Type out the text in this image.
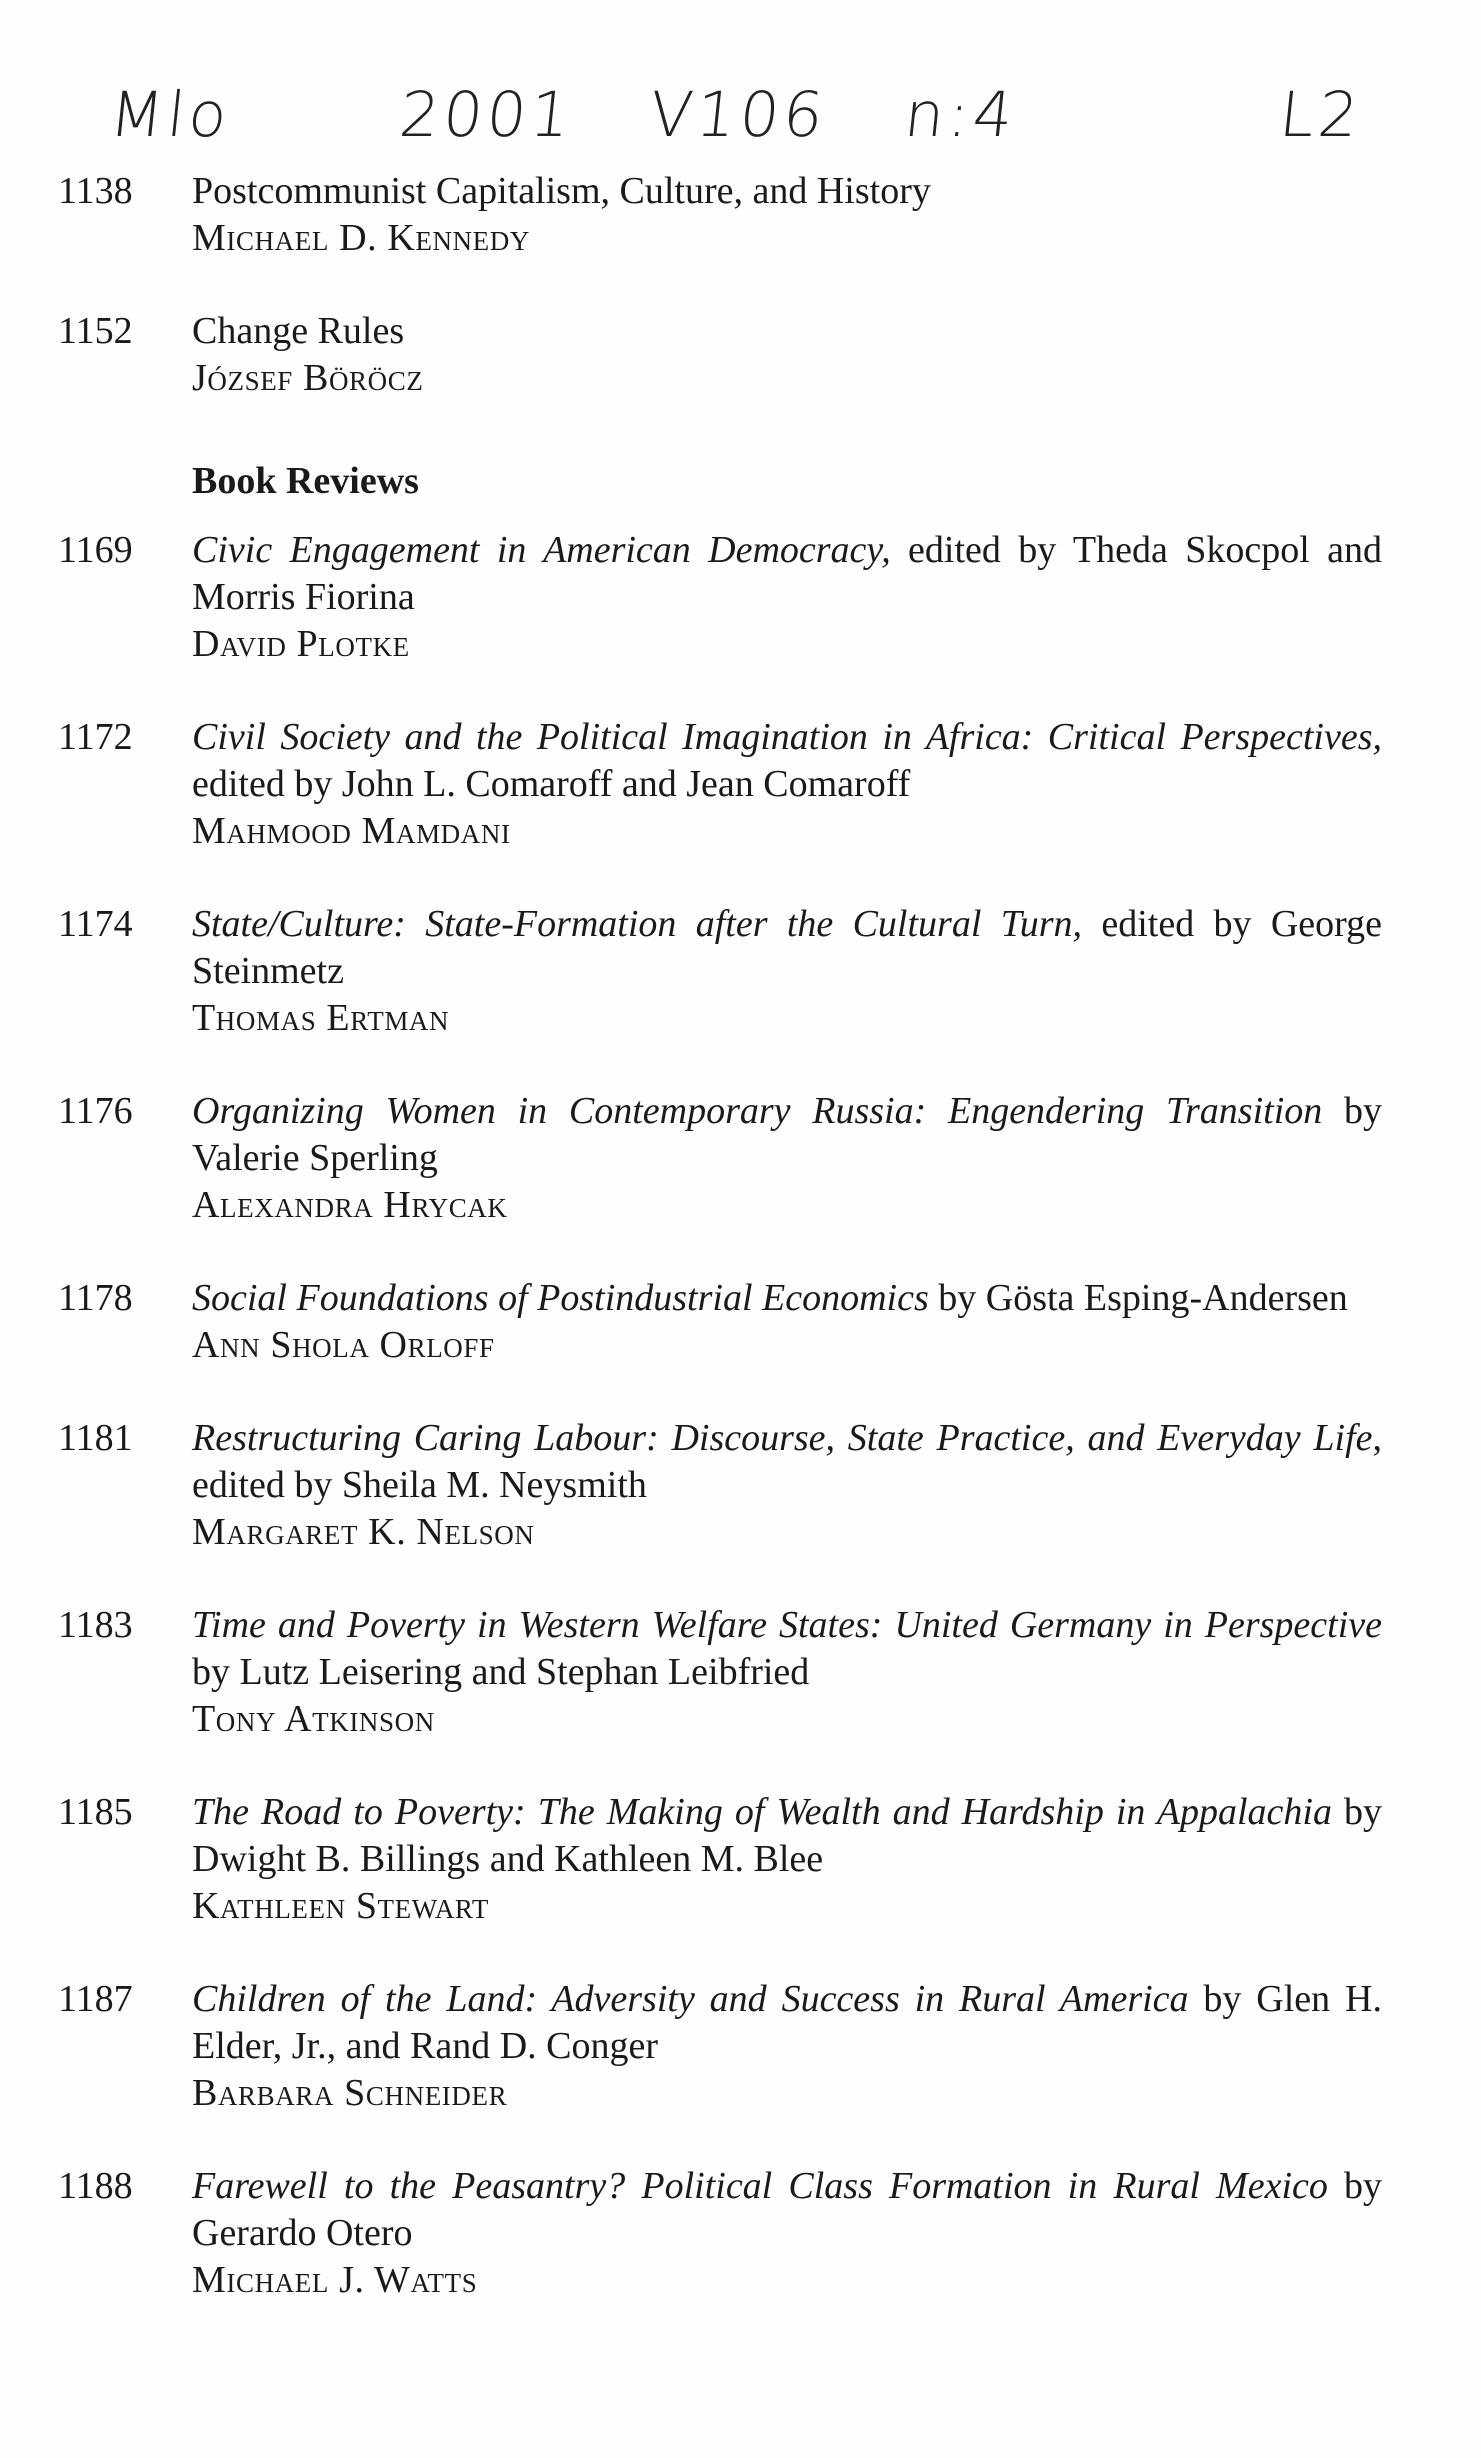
Mlo	2001 V106 n:4	L2
1138	Postcommunist Capitalism, Culture, and History
Michael D. Kennedy
1152	Change Rules
József Böröcz
Book Reviews
1169	Civic Engagement in American Democracy, edited by Theda Skocpol and Morris Fiorina
David Plotke
1172	Civil Society and the Political Imagination in Africa: Critical Perspectives, edited by John L. Comaroff and Jean Comaroff
Mahmood Mamdani
1174	State/Culture: State-Formation after the Cultural Turn, edited by George Steinmetz
Thomas Ertman
1176	Organizing Women in Contemporary Russia: Engendering Transition by Valerie Sperling
Alexandra Hrycak
1178	Social Foundations of Postindustrial Economics by Gösta Esping-Andersen
Ann Shola Orloff
1181	Restructuring Caring Labour: Discourse, State Practice, and Everyday Life, edited by Sheila M. Neysmith
Margaret K. Nelson
1183	Time and Poverty in Western Welfare States: United Germany in Perspective by Lutz Leisering and Stephan Leibfried
Tony Atkinson
1185	The Road to Poverty: The Making of Wealth and Hardship in Appalachia by Dwight B. Billings and Kathleen M. Blee
Kathleen Stewart
1187	Children of the Land: Adversity and Success in Rural America by Glen H. Elder, Jr., and Rand D. Conger
Barbara Schneider
1188	Farewell to the Peasantry? Political Class Formation in Rural Mexico by Gerardo Otero
Michael J. Watts
